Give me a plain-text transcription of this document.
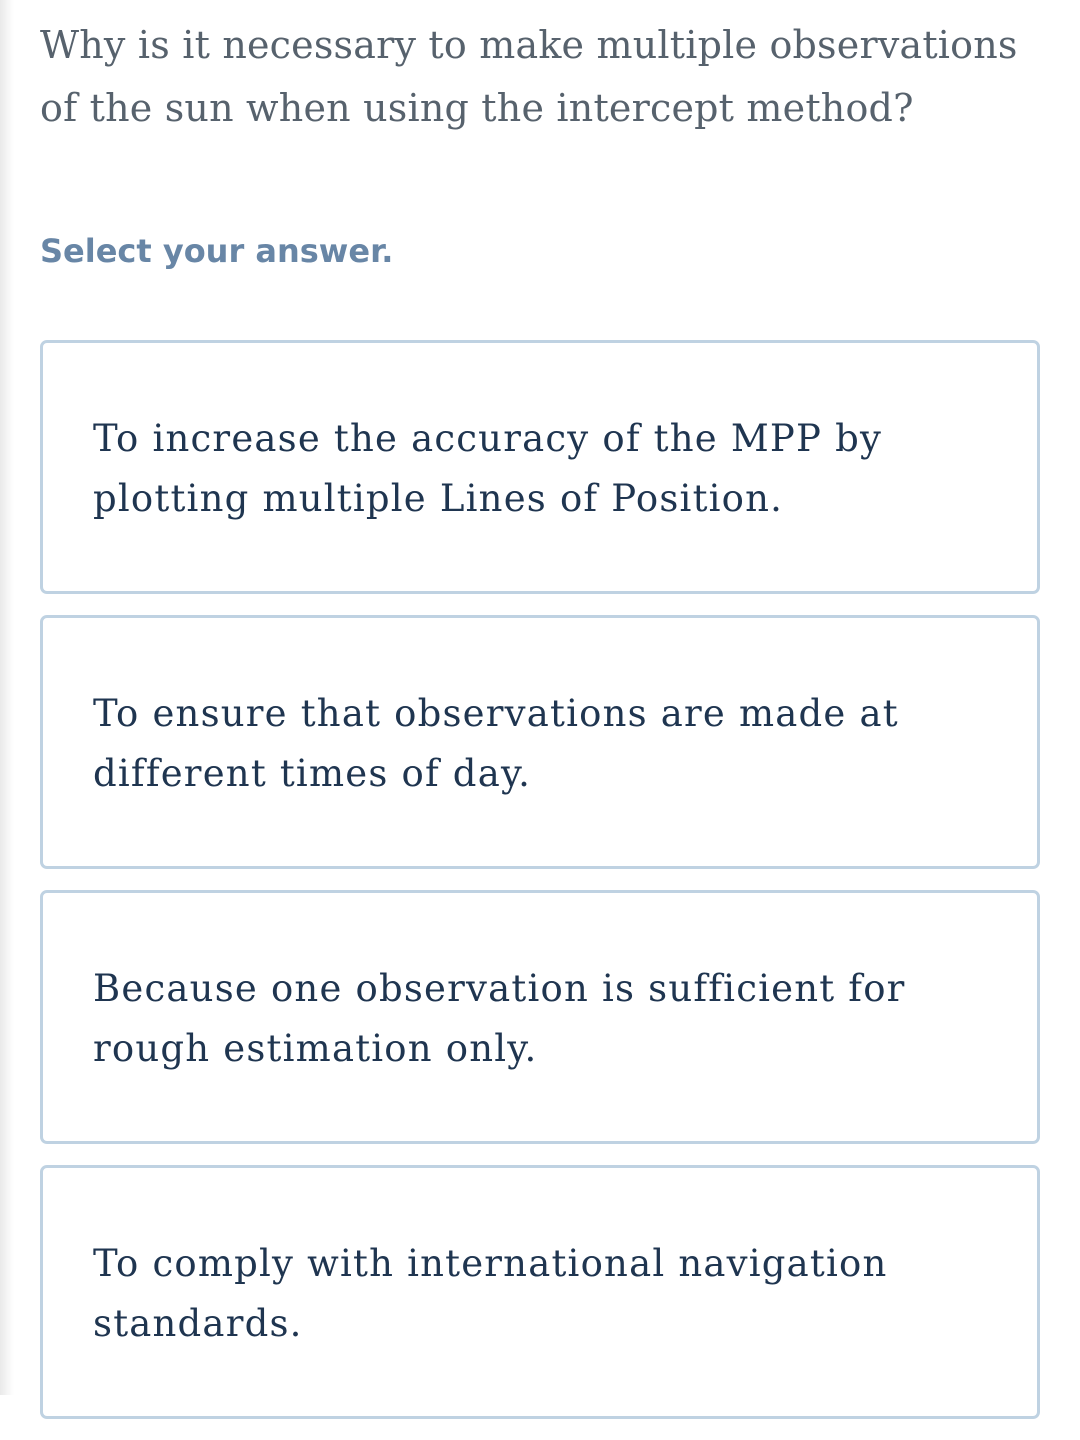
Why is it necessary to make multiple observations of the sun when using the intercept method?

Select your answer.

To increase the accuracy of the MPP by plotting multiple Lines of Position.
To ensure that observations are made at different times of day.
Because one observation is sufficient for rough estimation only.
To comply with international navigation standards.
